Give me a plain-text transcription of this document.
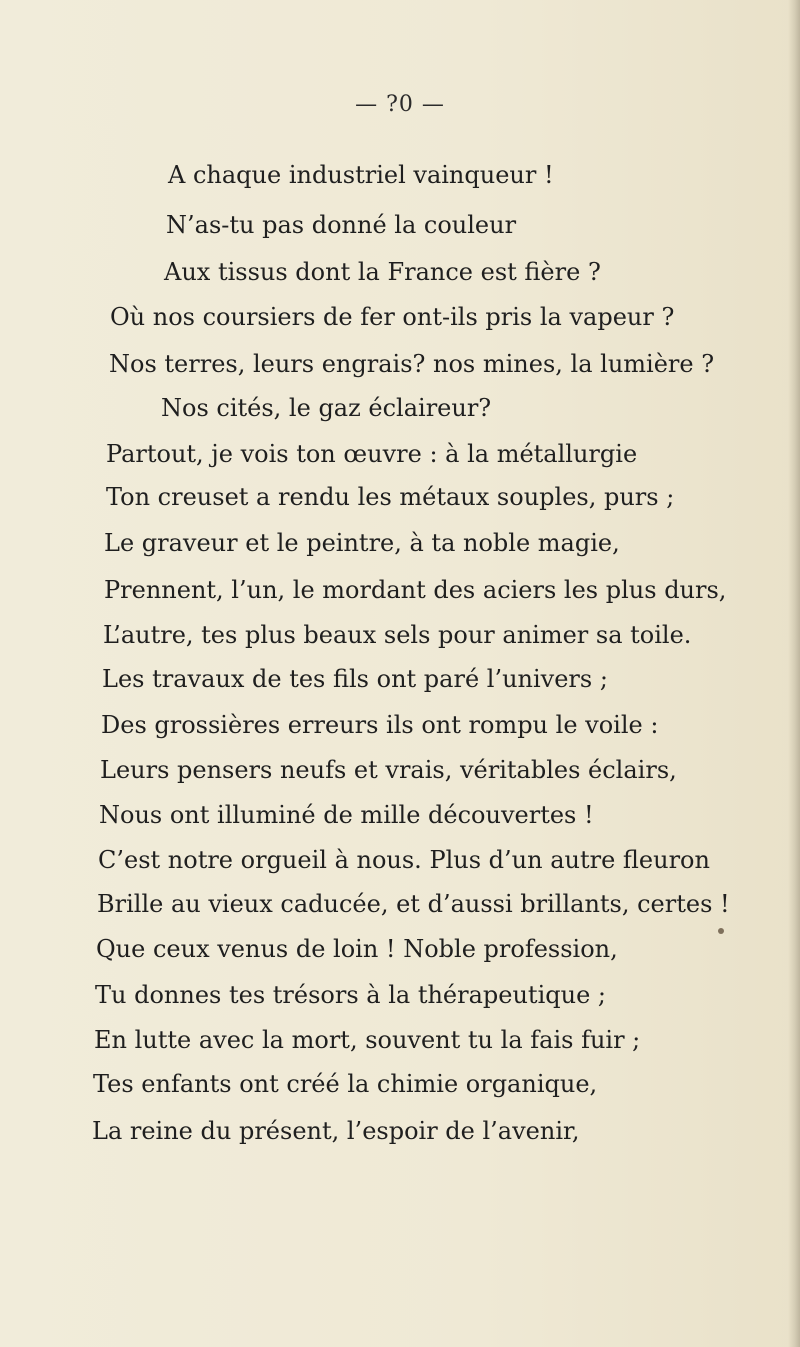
— ?0 —
A chaque industriel vainqueur !
N’as-tu pas donné la couleur
Aux tissus dont la France est fière ?
Où nos coursiers de fer ont-ils pris la vapeur ?
Nos terres, leurs engrais? nos mines, la lumière ?
Nos cités, le gaz éclaireur?
Partout, je vois ton œuvre : à la métallurgie
Ton creuset a rendu les métaux souples, purs ;
Le graveur et le peintre, à ta noble magie,
Prennent, l’un, le mordant des aciers les plus durs,
L’autre, tes plus beaux sels pour animer sa toile.
Les travaux de tes fils ont paré l’univers ;
Des grossières erreurs ils ont rompu le voile :
Leurs pensers neufs et vrais, véritables éclairs,
Nous ont illuminé de mille découvertes !
C’est notre orgueil à nous. Plus d’un autre fleuron
Brille au vieux caducée, et d’aussi brillants, certes !
Que ceux venus de loin ! Noble profession,
Tu donnes tes trésors à la thérapeutique ;
En lutte avec la mort, souvent tu la fais fuir ;
Tes enfants ont créé la chimie organique,
La reine du présent, l’espoir de l’avenir,
